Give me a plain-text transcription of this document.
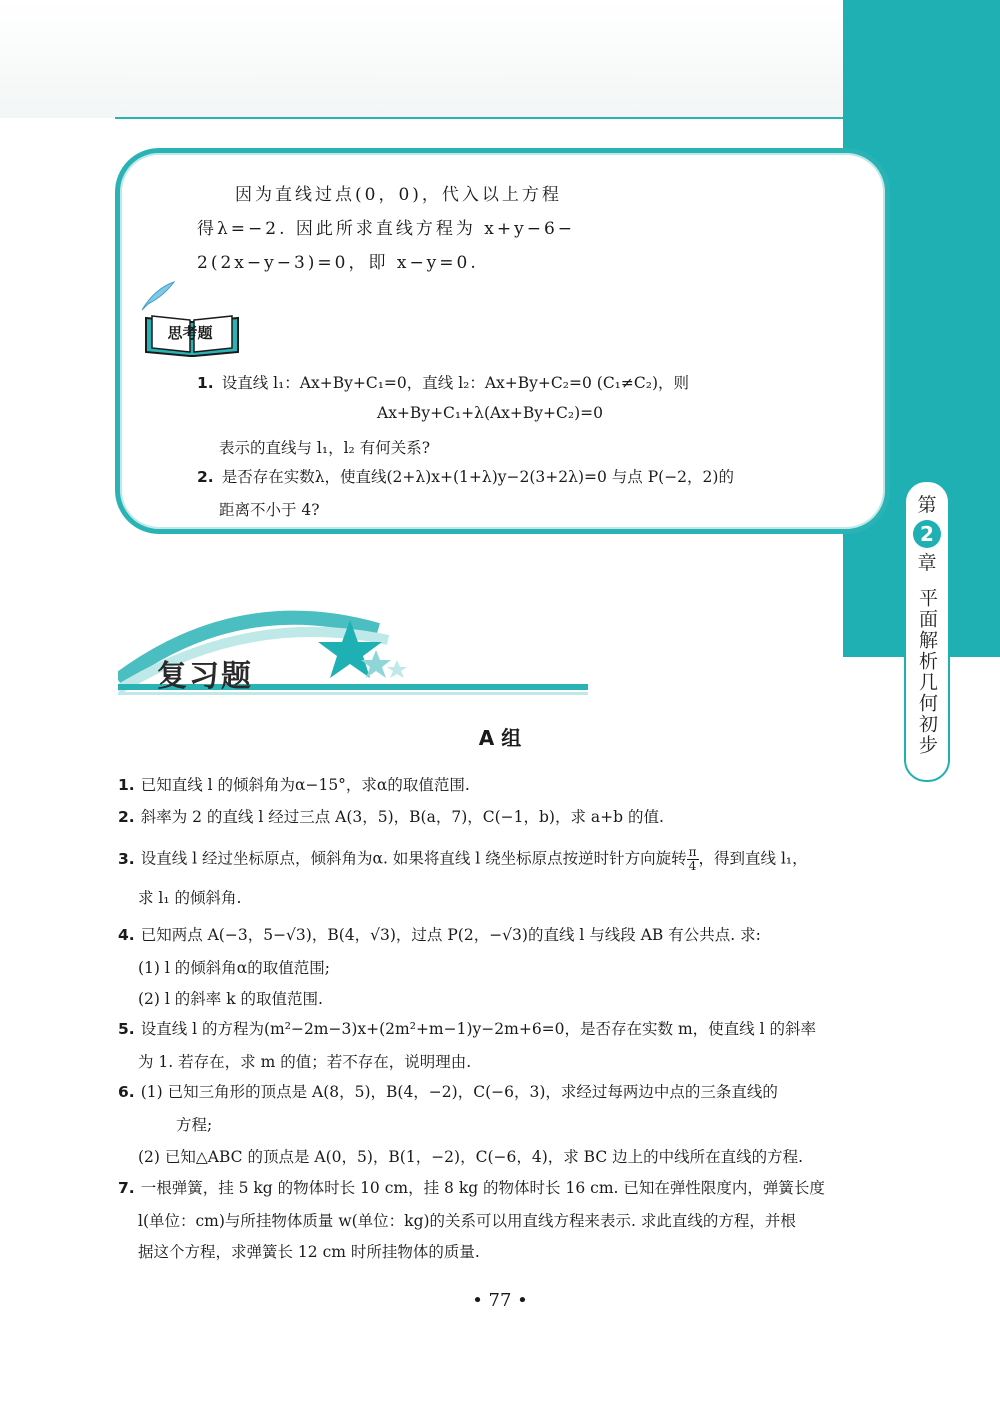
第
2
章
平面解析几何初步
因为直线过点(0，0)，代入以上方程
得λ=−2. 因此所求直线方程为 x+y−6−
2(2x−y−3)=0，即 x−y=0.
思考题
1. 设直线 l₁：Ax+By+C₁=0，直线 l₂：Ax+By+C₂=0 (C₁≠C₂)，则
Ax+By+C₁+λ(Ax+By+C₂)=0
表示的直线与 l₁，l₂ 有何关系?
2. 是否存在实数λ，使直线(2+λ)x+(1+λ)y−2(3+2λ)=0 与点 P(−2，2)的
距离不小于 4?
复习题
A 组
1. 已知直线 l 的倾斜角为α−15°，求α的取值范围.
2. 斜率为 2 的直线 l 经过三点 A(3，5)，B(a，7)，C(−1，b)，求 a+b 的值.
3. 设直线 l 经过坐标原点，倾斜角为α. 如果将直线 l 绕坐标原点按逆时针方向旋转 $\frac{\pi}{4}$ ，得到直线 l₁，
求 l₁ 的倾斜角.
4. 已知两点 A(−3，5−√3)，B(4，√3)，过点 P(2，−√3)的直线 l 与线段 AB 有公共点. 求:
(1) l 的倾斜角α的取值范围;
(2) l 的斜率 k 的取值范围.
5. 设直线 l 的方程为(m²−2m−3)x+(2m²+m−1)y−2m+6=0，是否存在实数 m，使直线 l 的斜率
为 1. 若存在，求 m 的值；若不存在，说明理由.
6. (1) 已知三角形的顶点是 A(8，5)，B(4，−2)，C(−6，3)，求经过每两边中点的三条直线的
方程;
(2) 已知△ABC 的顶点是 A(0，5)，B(1，−2)，C(−6，4)，求 BC 边上的中线所在直线的方程.
7. 一根弹簧，挂 5 kg 的物体时长 10 cm，挂 8 kg 的物体时长 16 cm. 已知在弹性限度内，弹簧长度
l(单位：cm)与所挂物体质量 w(单位：kg)的关系可以用直线方程来表示. 求此直线的方程，并根
据这个方程，求弹簧长 12 cm 时所挂物体的质量.
• 77 •
